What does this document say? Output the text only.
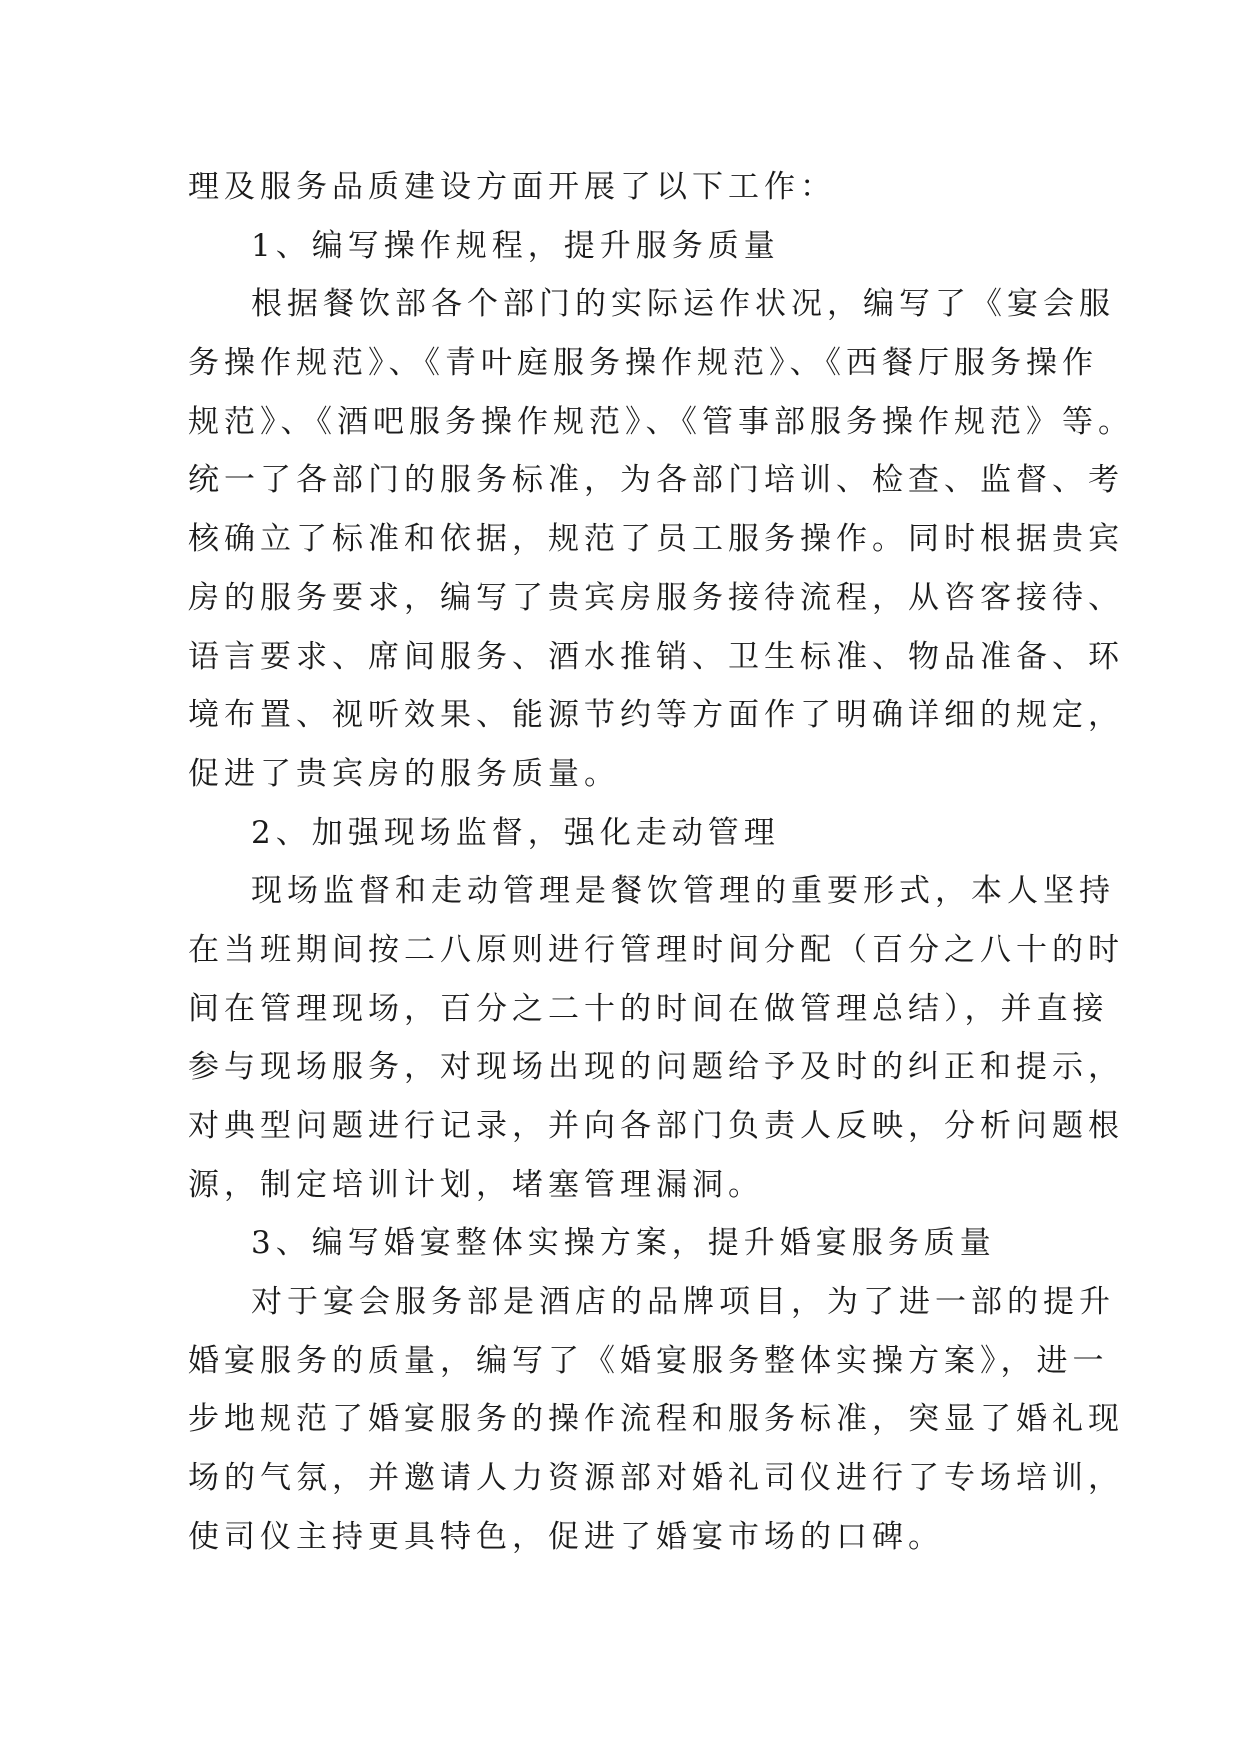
理及服务品质建设方面开展了以下工作：
1、编写操作规程，提升服务质量
根据餐饮部各个部门的实际运作状况，编写了《宴会服
务操作规范》、《青叶庭服务操作规范》、《西餐厅服务操作
规范》、《酒吧服务操作规范》、《管事部服务操作规范》等。
统一了各部门的服务标准，为各部门培训、检查、监督、考
核确立了标准和依据，规范了员工服务操作。同时根据贵宾
房的服务要求，编写了贵宾房服务接待流程，从咨客接待、
语言要求、席间服务、酒水推销、卫生标准、物品准备、环
境布置、视听效果、能源节约等方面作了明确详细的规定，
促进了贵宾房的服务质量。
2、加强现场监督，强化走动管理
现场监督和走动管理是餐饮管理的重要形式，本人坚持
在当班期间按二八原则进行管理时间分配（百分之八十的时
间在管理现场，百分之二十的时间在做管理总结），并直接
参与现场服务，对现场出现的问题给予及时的纠正和提示，
对典型问题进行记录，并向各部门负责人反映，分析问题根
源，制定培训计划，堵塞管理漏洞。
3、编写婚宴整体实操方案，提升婚宴服务质量
对于宴会服务部是酒店的品牌项目，为了进一部的提升
婚宴服务的质量，编写了《婚宴服务整体实操方案》，进一
步地规范了婚宴服务的操作流程和服务标准，突显了婚礼现
场的气氛，并邀请人力资源部对婚礼司仪进行了专场培训，
使司仪主持更具特色，促进了婚宴市场的口碑。
